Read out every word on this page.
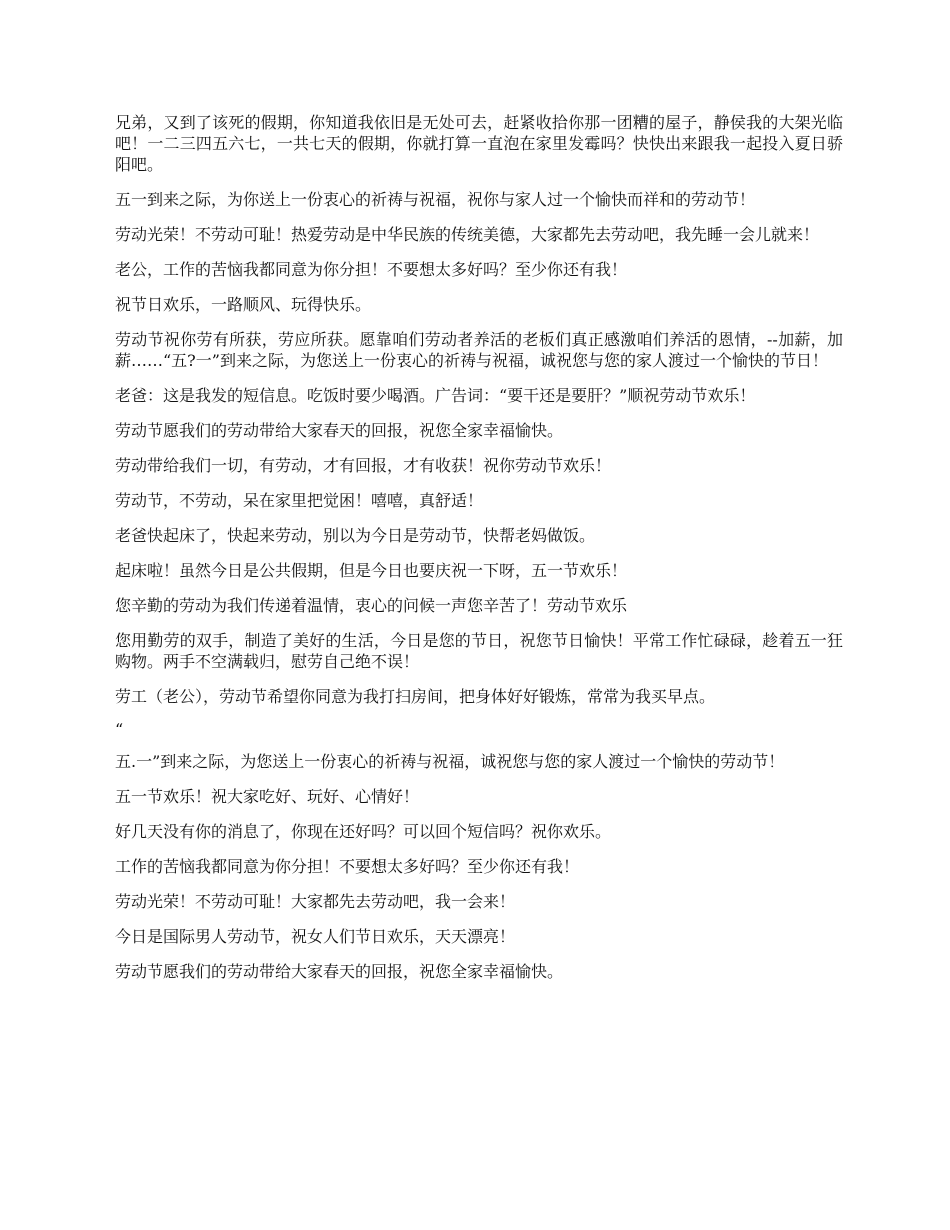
兄弟，又到了该死的假期，你知道我依旧是无处可去，赶紧收拾你那一团糟的屋子，静侯我的大架光临吧！一二三四五六七，一共七天的假期，你就打算一直泡在家里发霉吗？快快出来跟我一起投入夏日骄阳吧。

五一到来之际，为你送上一份衷心的祈祷与祝福，祝你与家人过一个愉快而祥和的劳动节！

劳动光荣！不劳动可耻！热爱劳动是中华民族的传统美德，大家都先去劳动吧，我先睡一会儿就来！

老公，工作的苦恼我都同意为你分担！不要想太多好吗？至少你还有我！

祝节日欢乐，一路顺风、玩得快乐。

劳动节祝你劳有所获，劳应所获。愿靠咱们劳动者养活的老板们真正感激咱们养活的恩情，--加薪，加薪……“五?一”到来之际，为您送上一份衷心的祈祷与祝福，诚祝您与您的家人渡过一个愉快的节日！

老爸：这是我发的短信息。吃饭时要少喝酒。广告词：“要干还是要肝？”顺祝劳动节欢乐！

劳动节愿我们的劳动带给大家春天的回报，祝您全家幸福愉快。

劳动带给我们一切，有劳动，才有回报，才有收获！祝你劳动节欢乐！

劳动节，不劳动，呆在家里把觉困！嘻嘻，真舒适！

老爸快起床了，快起来劳动，别以为今日是劳动节，快帮老妈做饭。

起床啦！虽然今日是公共假期，但是今日也要庆祝一下呀，五一节欢乐！

您辛勤的劳动为我们传递着温情，衷心的问候一声您辛苦了！劳动节欢乐

您用勤劳的双手，制造了美好的生活，今日是您的节日，祝您节日愉快！平常工作忙碌碌，趁着五一狂购物。两手不空满载归，慰劳自己绝不误！

劳工（老公），劳动节希望你同意为我打扫房间，把身体好好锻炼，常常为我买早点。

“

五.一”到来之际，为您送上一份衷心的祈祷与祝福，诚祝您与您的家人渡过一个愉快的劳动节！

五一节欢乐！祝大家吃好、玩好、心情好！

好几天没有你的消息了，你现在还好吗？可以回个短信吗？祝你欢乐。

工作的苦恼我都同意为你分担！不要想太多好吗？至少你还有我！

劳动光荣！不劳动可耻！大家都先去劳动吧，我一会来！

今日是国际男人劳动节，祝女人们节日欢乐，天天漂亮！

劳动节愿我们的劳动带给大家春天的回报，祝您全家幸福愉快。
